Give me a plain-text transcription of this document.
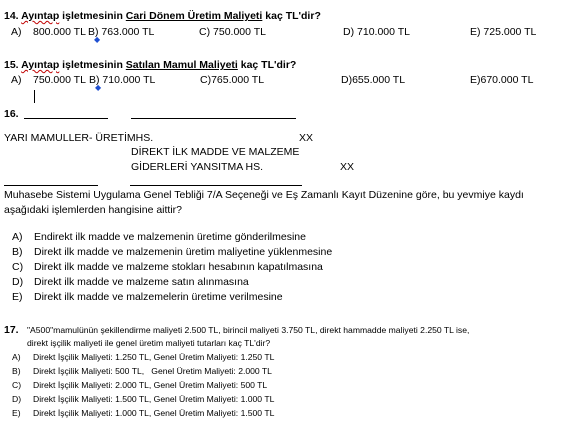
14. Ayıntap işletmesinin Cari Dönem Üretim Maliyeti kaç TL'dir?
A) 800.000 TL B) 763.000 TL
◆
C) 750.000 TL	D) 710.000 TL	E) 725.000 TL
15. Ayıntap işletmesinin Satılan Mamul Maliyeti kaç TL'dir?
A) 750.000 TL B) 710.000 TL
◆
C)765.000 TL	D)655.000 TL	E)670.000 TL
16.
YARI MAMULLER- ÜRETİMHS.	XX
DİREKT İLK MADDE VE MALZEME
GİDERLERİ YANSITMA HS.	XX
Muhasebe Sistemi Uygulama Genel Tebliği 7/A Seçeneği ve Eş Zamanlı Kayıt Düzenine göre, bu yevmiye kaydı
aşağıdaki işlemlerden hangisine aittir?
A) Endirekt ilk madde ve malzemenin üretime gönderilmesine
B) Direkt ilk madde ve malzemenin üretim maliyetine yüklenmesine
C) Direkt ilk madde ve malzeme stokları hesabının kapatılmasına
D) Direkt ilk madde ve malzeme satın alınmasına
E) Direkt ilk madde ve malzemelerin üretime verilmesine
17. "A500"mamulünün şekillendirme maliyeti 2.500 TL, birincil maliyeti 3.750 TL, direkt hammadde maliyeti 2.250 TL ise,
direkt işçilik maliyeti ile genel üretim maliyeti tutarları kaç TL'dir?
A) Direkt İşçilik Maliyeti: 1.250 TL, Genel Üretim Maliyeti: 1.250 TL
B) Direkt İşçilik Maliyeti: 500 TL,   Genel Üretim Maliyeti: 2.000 TL
C) Direkt İşçilik Maliyeti: 2.000 TL, Genel Üretim Maliyeti: 500 TL
D) Direkt İşçilik Maliyeti: 1.500 TL, Genel Üretim Maliyeti: 1.000 TL
E) Direkt İşçilik Maliyeti: 1.000 TL, Genel Üretim Maliyeti: 1.500 TL
